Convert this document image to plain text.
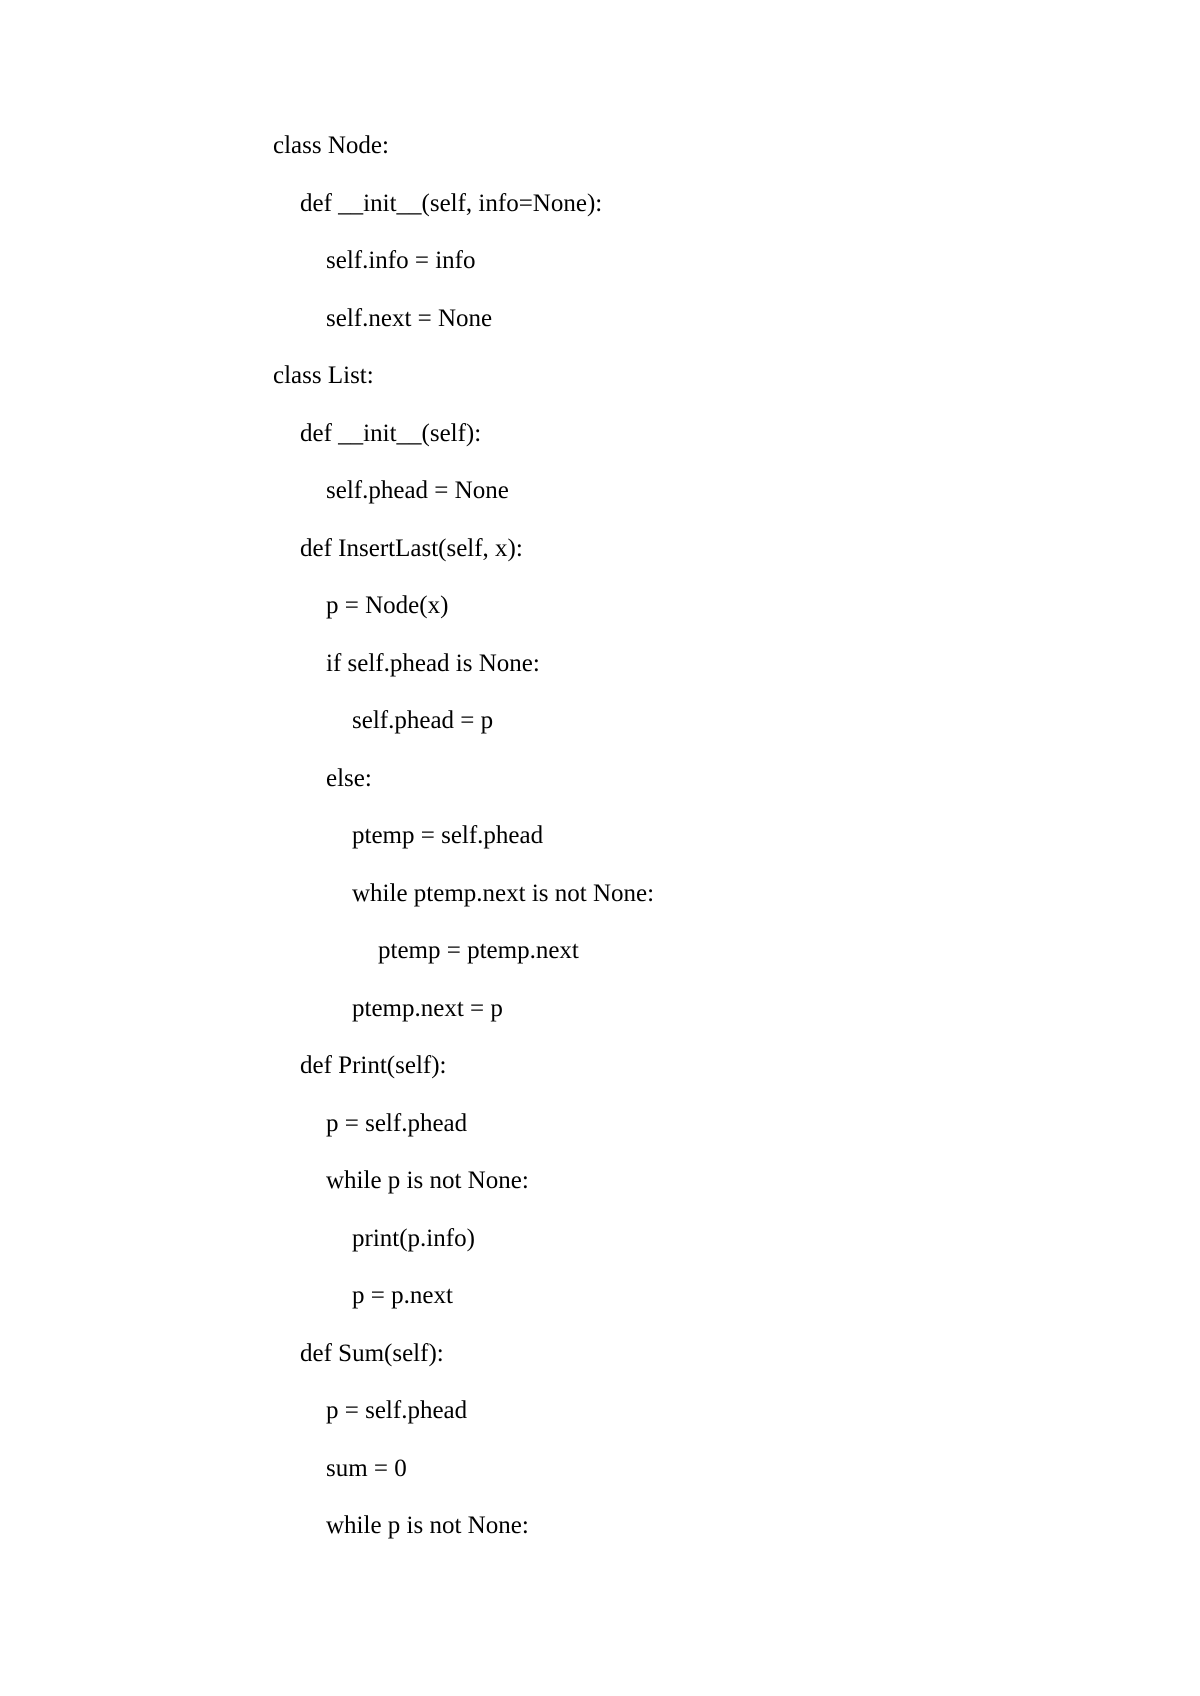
class Node:
def __init__(self, info=None):
self.info = info
self.next = None
class List:
def __init__(self):
self.phead = None
def InsertLast(self, x):
p = Node(x)
if self.phead is None:
self.phead = p
else:
ptemp = self.phead
while ptemp.next is not None:
ptemp = ptemp.next
ptemp.next = p
def Print(self):
p = self.phead
while p is not None:
print(p.info)
p = p.next
def Sum(self):
p = self.phead
sum = 0
while p is not None:
